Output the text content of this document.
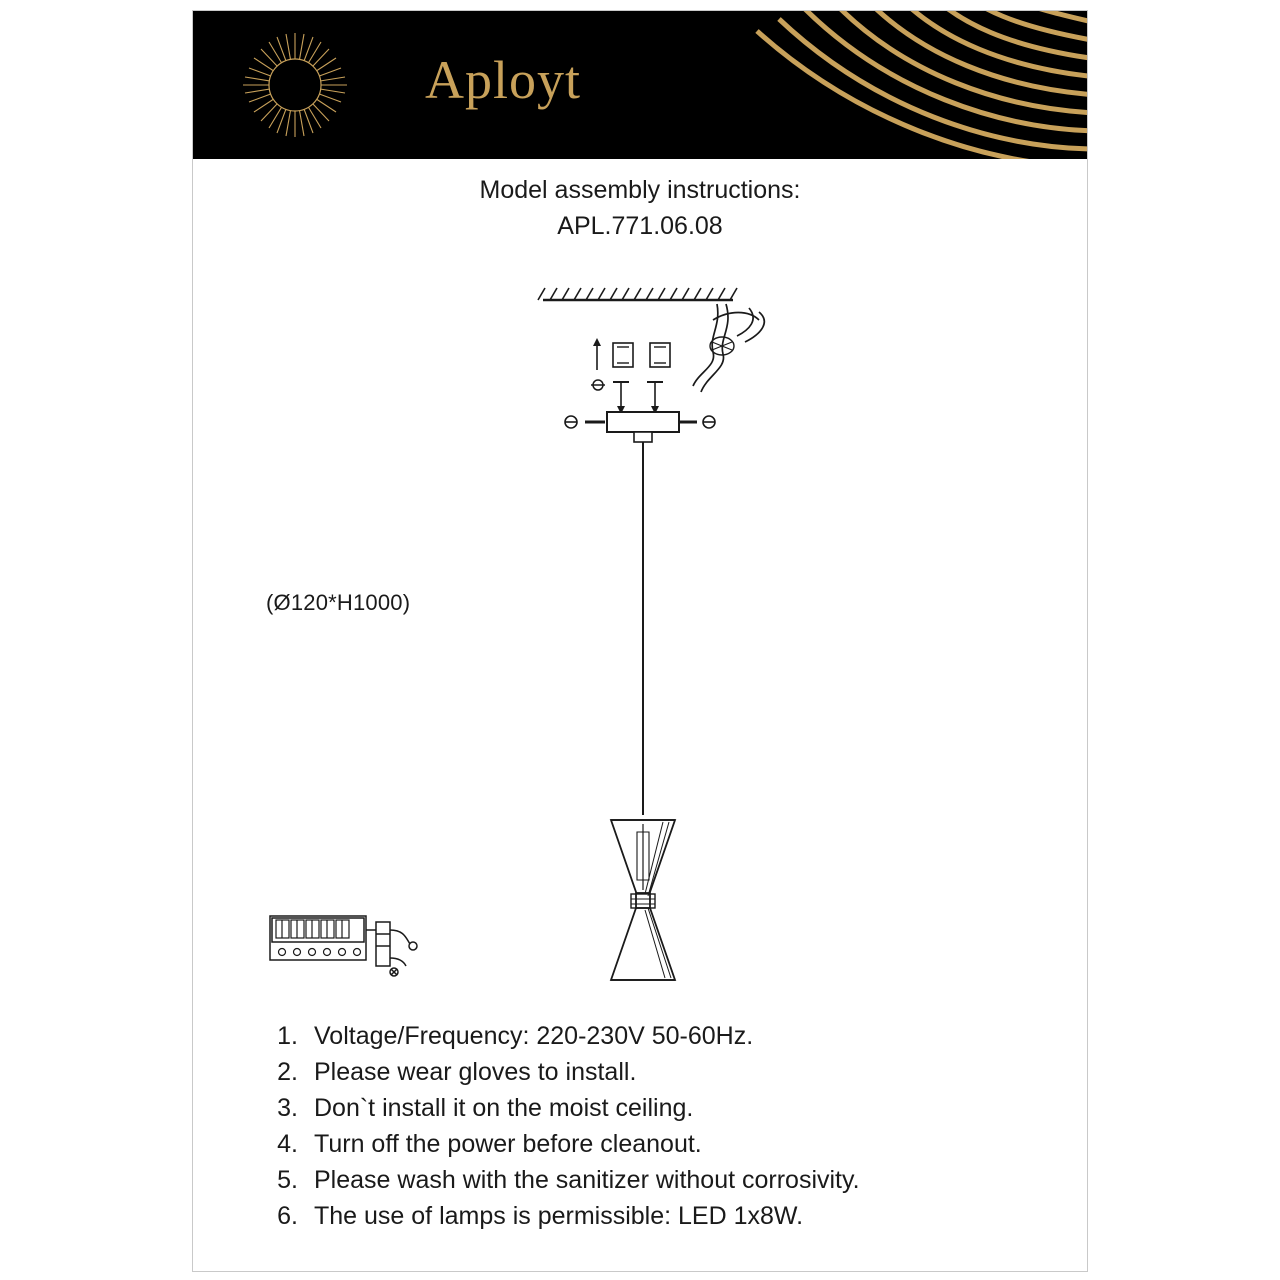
Aployt
Model assembly instructions:
APL.771.06.08
(Ø120*H1000)
1. Voltage/Frequency: 220-230V 50-60Hz.
2. Please wear gloves to install.
3. Don`t install it on the moist ceiling.
4. Turn off the power before cleanout.
5. Please wash with the sanitizer without corrosivity.
6. The use of lamps is permissible: LED 1x8W.
